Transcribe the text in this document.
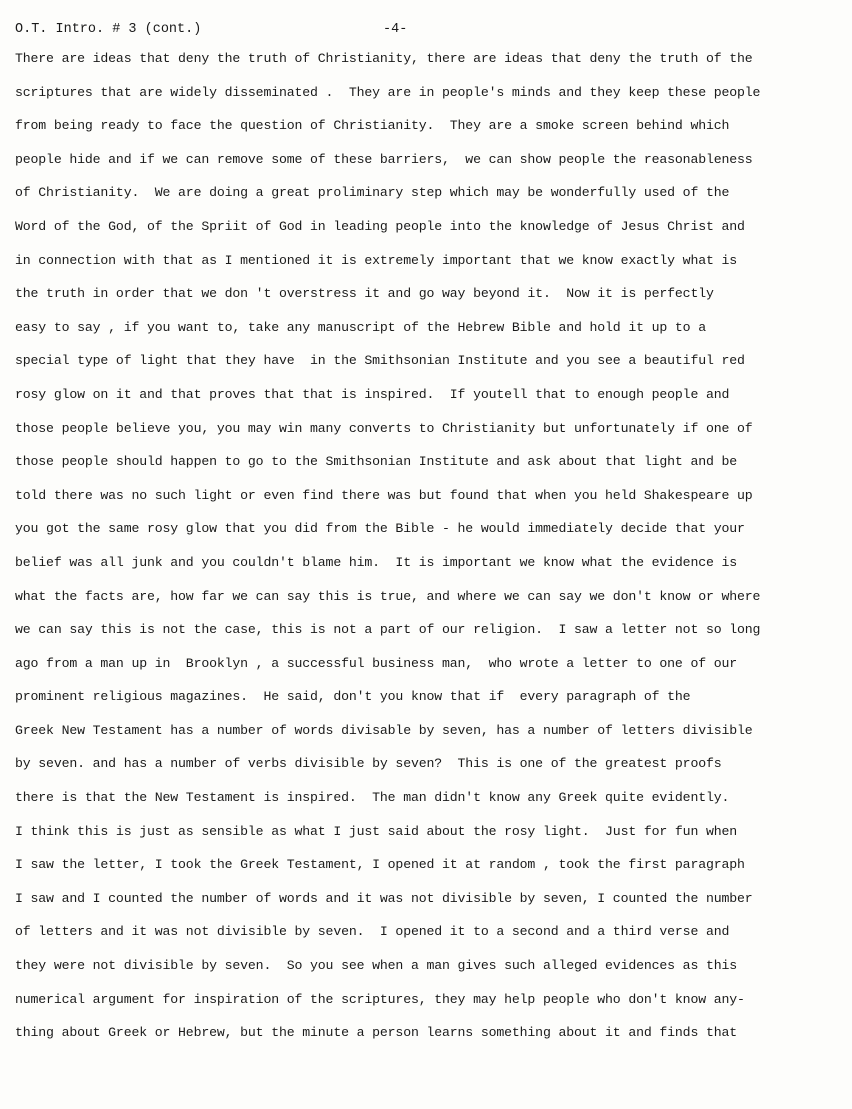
O.T. Intro. # 3 (cont.)

	-4-

There are ideas that deny the truth of Christianity, there are ideas that deny the truth of the
scriptures that are widely disseminated .  They are in people's minds and they keep these people
from being ready to face the question of Christianity.  They are a smoke screen behind which
people hide and if we can remove some of these barriers,  we can show people the reasonableness
of Christianity.  We are doing a great proliminary step which may be wonderfully used of the
Word of the God, of the Spriit of God in leading people into the knowledge of Jesus Christ and
in connection with that as I mentioned it is extremely important that we know exactly what is
the truth in order that we don 't overstress it and go way beyond it.  Now it is perfectly
easy to say , if you want to, take any manuscript of the Hebrew Bible and hold it up to a
special type of light that they have  in the Smithsonian Institute and you see a beautiful red
rosy glow on it and that proves that that is inspired.  If youtell that to enough people and
those people believe you, you may win many converts to Christianity but unfortunately if one of
those people should happen to go to the Smithsonian Institute and ask about that light and be
told there was no such light or even find there was but found that when you held Shakespeare up
you got the same rosy glow that you did from the Bible - he would immediately decide that your
belief was all junk and you couldn't blame him.  It is important we know what the evidence is
what the facts are, how far we can say this is true, and where we can say we don't know or where
we can say this is not the case, this is not a part of our religion.  I saw a letter not so long
ago from a man up in  Brooklyn , a successful business man,  who wrote a letter to one of our
prominent religious magazines.  He said, don't you know that if  every paragraph of the
Greek New Testament has a number of words divisable by seven, has a number of letters divisible
by seven. and has a number of verbs divisible by seven?  This is one of the greatest proofs
there is that the New Testament is inspired.  The man didn't know any Greek quite evidently.
I think this is just as sensible as what I just said about the rosy light.  Just for fun when
I saw the letter, I took the Greek Testament, I opened it at random , took the first paragraph
I saw and I counted the number of words and it was not divisible by seven, I counted the number
of letters and it was not divisible by seven.  I opened it to a second and a third verse and
they were not divisible by seven.  So you see when a man gives such alleged evidences as this
numerical argument for inspiration of the scriptures, they may help people who don't know any-
thing about Greek or Hebrew, but the minute a person learns something about it and finds that
